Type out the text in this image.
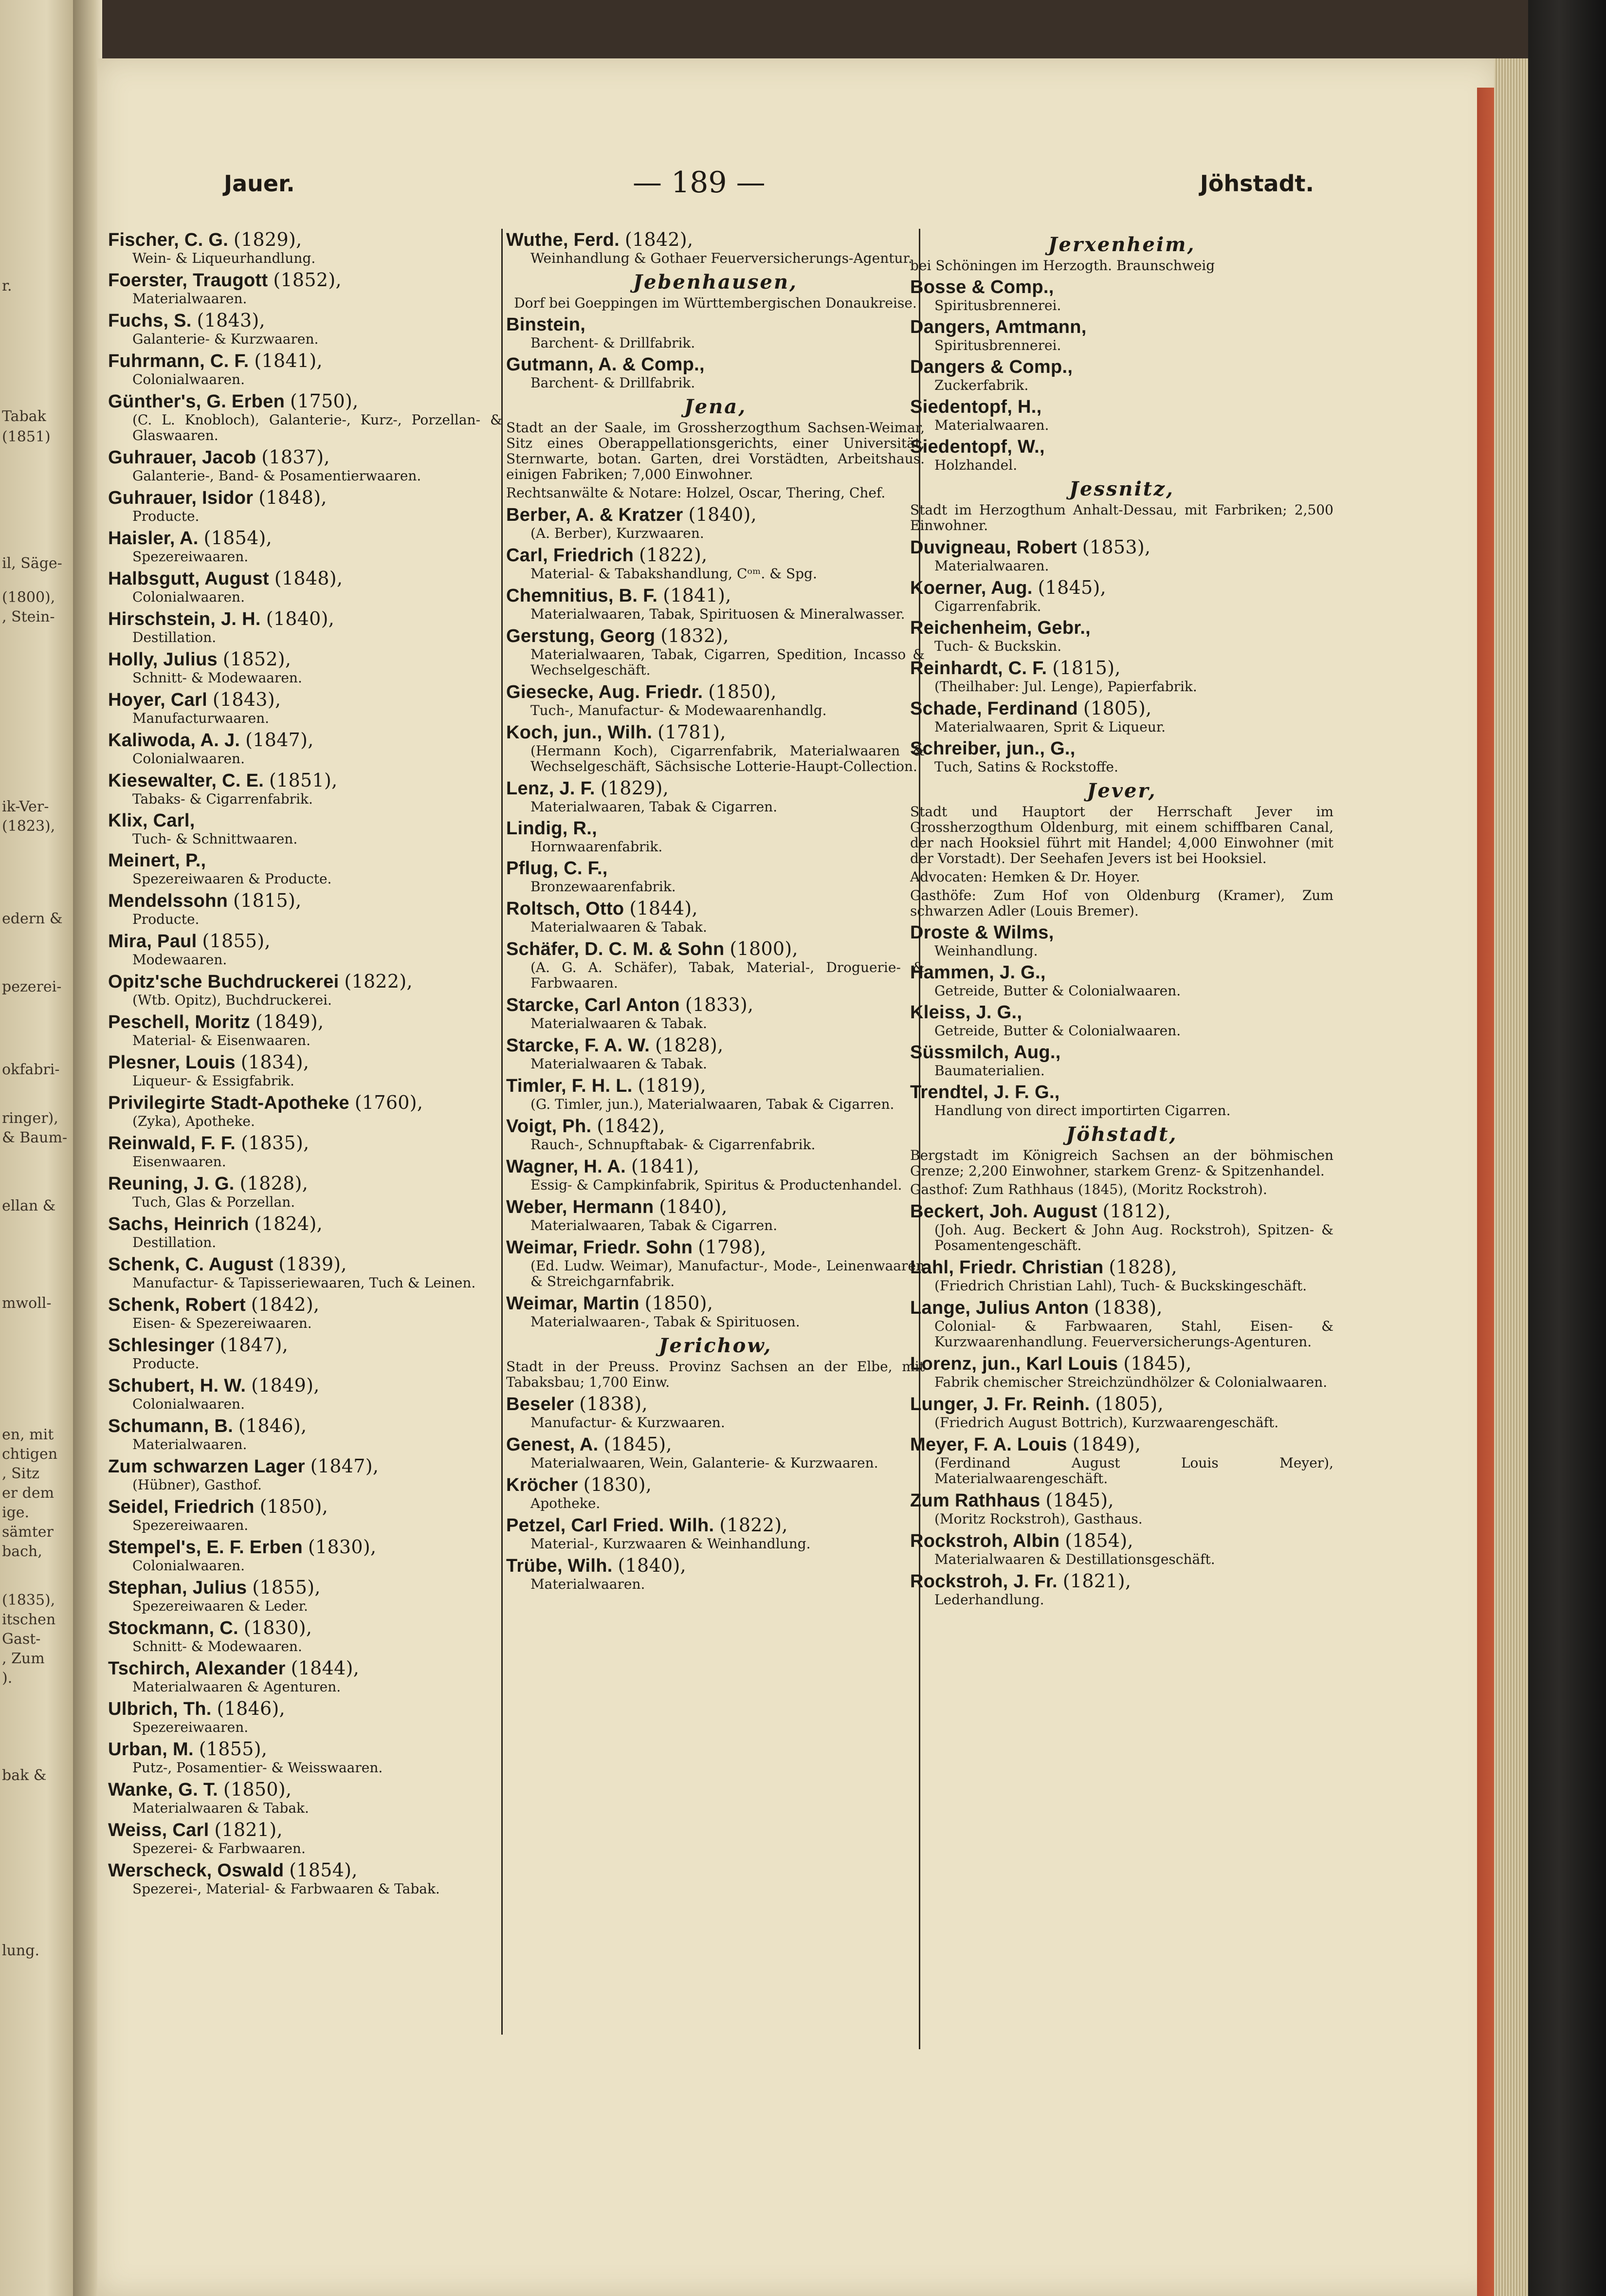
r.
Tabak
(1851)
il, Säge-
(1800),
, Stein-
ik-Ver-
(1823),
edern &
pezerei-
okfabri-
ringer),
& Baum-
ellan &
mwoll-
en, mit
chtigen
, Sitz
er dem
ige.
sämter
bach,
(1835),
itschen
Gast-
, Zum
).
bak &
lung.
Jauer.	— 189 —	Jöhstadt.
Fischer, C. G. (1829),
Wein- & Liqueurhandlung.
Foerster, Traugott (1852),
Materialwaaren.
Fuchs, S. (1843),
Galanterie- & Kurzwaaren.
Fuhrmann, C. F. (1841),
Colonialwaaren.
Günther's, G. Erben (1750),
(C. L. Knobloch), Galanterie-, Kurz-, Porzellan- & Glaswaaren.
Guhrauer, Jacob (1837),
Galanterie-, Band- & Posamentierwaaren.
Guhrauer, Isidor (1848),
Producte.
Haisler, A. (1854),
Spezereiwaaren.
Halbsgutt, August (1848),
Colonialwaaren.
Hirschstein, J. H. (1840),
Destillation.
Holly, Julius (1852),
Schnitt- & Modewaaren.
Hoyer, Carl (1843),
Manufacturwaaren.
Kaliwoda, A. J. (1847),
Colonialwaaren.
Kiesewalter, C. E. (1851),
Tabaks- & Cigarrenfabrik.
Klix, Carl,
Tuch- & Schnittwaaren.
Meinert, P.,
Spezereiwaaren & Producte.
Mendelssohn (1815),
Producte.
Mira, Paul (1855),
Modewaaren.
Opitz'sche Buchdruckerei (1822),
(Wtb. Opitz), Buchdruckerei.
Peschell, Moritz (1849),
Material- & Eisenwaaren.
Plesner, Louis (1834),
Liqueur- & Essigfabrik.
Privilegirte Stadt-Apotheke (1760),
(Zyka), Apotheke.
Reinwald, F. F. (1835),
Eisenwaaren.
Reuning, J. G. (1828),
Tuch, Glas & Porzellan.
Sachs, Heinrich (1824),
Destillation.
Schenk, C. August (1839),
Manufactur- & Tapisseriewaaren, Tuch & Leinen.
Schenk, Robert (1842),
Eisen- & Spezereiwaaren.
Schlesinger (1847),
Producte.
Schubert, H. W. (1849),
Colonialwaaren.
Schumann, B. (1846),
Materialwaaren.
Zum schwarzen Lager (1847),
(Hübner), Gasthof.
Seidel, Friedrich (1850),
Spezereiwaaren.
Stempel's, E. F. Erben (1830),
Colonialwaaren.
Stephan, Julius (1855),
Spezereiwaaren & Leder.
Stockmann, C. (1830),
Schnitt- & Modewaaren.
Tschirch, Alexander (1844),
Materialwaaren & Agenturen.
Ulbrich, Th. (1846),
Spezereiwaaren.
Urban, M. (1855),
Putz-, Posamentier- & Weisswaaren.
Wanke, G. T. (1850),
Materialwaaren & Tabak.
Weiss, Carl (1821),
Spezerei- & Farbwaaren.
Werscheck, Oswald (1854),
Spezerei-, Material- & Farbwaaren & Tabak.
Wuthe, Ferd. (1842),
Weinhandlung & Gothaer Feuerversicherungs-Agentur.
Jebenhausen,
Dorf bei Goeppingen im Württembergischen Donaukreise.
Binstein,
Barchent- & Drillfabrik.
Gutmann, A. & Comp.,
Barchent- & Drillfabrik.
Jena,
Stadt an der Saale, im Grossherzogthum Sachsen-Weimar, Sitz eines Oberappellationsgerichts, einer Universität, Sternwarte, botan. Garten, drei Vorstädten, Arbeitshaus. einigen Fabriken; 7,000 Einwohner.
Rechtsanwälte & Notare: Holzel, Oscar, Thering, Chef.
Berber, A. & Kratzer (1840),
(A. Berber), Kurzwaaren.
Carl, Friedrich (1822),
Material- & Tabakshandlung, Cᵒᵐ. & Spg.
Chemnitius, B. F. (1841),
Materialwaaren, Tabak, Spirituosen & Mineralwasser.
Gerstung, Georg (1832),
Materialwaaren, Tabak, Cigarren, Spedition, Incasso & Wechselgeschäft.
Giesecke, Aug. Friedr. (1850),
Tuch-, Manufactur- & Modewaarenhandlg.
Koch, jun., Wilh. (1781),
(Hermann Koch), Cigarrenfabrik, Materialwaaren & Wechselgeschäft, Sächsische Lotterie-Haupt-Collection.
Lenz, J. F. (1829),
Materialwaaren, Tabak & Cigarren.
Lindig, R.,
Hornwaarenfabrik.
Pflug, C. F.,
Bronzewaarenfabrik.
Roltsch, Otto (1844),
Materialwaaren & Tabak.
Schäfer, D. C. M. & Sohn (1800),
(A. G. A. Schäfer), Tabak, Material-, Droguerie- & Farbwaaren.
Starcke, Carl Anton (1833),
Materialwaaren & Tabak.
Starcke, F. A. W. (1828),
Materialwaaren & Tabak.
Timler, F. H. L. (1819),
(G. Timler, jun.), Materialwaaren, Tabak & Cigarren.
Voigt, Ph. (1842),
Rauch-, Schnupftabak- & Cigarrenfabrik.
Wagner, H. A. (1841),
Essig- & Campkinfabrik, Spiritus & Productenhandel.
Weber, Hermann (1840),
Materialwaaren, Tabak & Cigarren.
Weimar, Friedr. Sohn (1798),
(Ed. Ludw. Weimar), Manufactur-, Mode-, Leinenwaaren & Streichgarnfabrik.
Weimar, Martin (1850),
Materialwaaren-, Tabak & Spirituosen.
Jerichow,
Stadt in der Preuss. Provinz Sachsen an der Elbe, mit Tabaksbau; 1,700 Einw.
Beseler (1838),
Manufactur- & Kurzwaaren.
Genest, A. (1845),
Materialwaaren, Wein, Galanterie- & Kurzwaaren.
Kröcher (1830),
Apotheke.
Petzel, Carl Fried. Wilh. (1822),
Material-, Kurzwaaren & Weinhandlung.
Trübe, Wilh. (1840),
Materialwaaren.
Jerxenheim,
bei Schöningen im Herzogth. Braunschweig
Bosse & Comp.,
Spiritusbrennerei.
Dangers, Amtmann,
Spiritusbrennerei.
Dangers & Comp.,
Zuckerfabrik.
Siedentopf, H.,
Materialwaaren.
Siedentopf, W.,
Holzhandel.
Jessnitz,
Stadt im Herzogthum Anhalt-Dessau, mit Farbriken; 2,500 Einwohner.
Duvigneau, Robert (1853),
Materialwaaren.
Koerner, Aug. (1845),
Cigarrenfabrik.
Reichenheim, Gebr.,
Tuch- & Buckskin.
Reinhardt, C. F. (1815),
(Theilhaber: Jul. Lenge), Papierfabrik.
Schade, Ferdinand (1805),
Materialwaaren, Sprit & Liqueur.
Schreiber, jun., G.,
Tuch, Satins & Rockstoffe.
Jever,
Stadt und Hauptort der Herrschaft Jever im Grossherzogthum Oldenburg, mit einem schiffbaren Canal, der nach Hooksiel führt mit Handel; 4,000 Einwohner (mit der Vorstadt). Der Seehafen Jevers ist bei Hooksiel.
Advocaten: Hemken & Dr. Hoyer.
Gasthöfe: Zum Hof von Oldenburg (Kramer), Zum schwarzen Adler (Louis Bremer).
Droste & Wilms,
Weinhandlung.
Hammen, J. G.,
Getreide, Butter & Colonialwaaren.
Kleiss, J. G.,
Getreide, Butter & Colonialwaaren.
Süssmilch, Aug.,
Baumaterialien.
Trendtel, J. F. G.,
Handlung von direct importirten Cigarren.
Jöhstadt,
Bergstadt im Königreich Sachsen an der böhmischen Grenze; 2,200 Einwohner, starkem Grenz- & Spitzenhandel.
Gasthof: Zum Rathhaus (1845), (Moritz Rockstroh).
Beckert, Joh. August (1812),
(Joh. Aug. Beckert & John Aug. Rockstroh), Spitzen- & Posamentengeschäft.
Lahl, Friedr. Christian (1828),
(Friedrich Christian Lahl), Tuch- & Buckskingeschäft.
Lange, Julius Anton (1838),
Colonial- & Farbwaaren, Stahl, Eisen- & Kurzwaarenhandlung. Feuerversicherungs-Agenturen.
Lorenz, jun., Karl Louis (1845),
Fabrik chemischer Streichzündhölzer & Colonialwaaren.
Lunger, J. Fr. Reinh. (1805),
(Friedrich August Bottrich), Kurzwaarengeschäft.
Meyer, F. A. Louis (1849),
(Ferdinand August Louis Meyer), Materialwaarengeschäft.
Zum Rathhaus (1845),
(Moritz Rockstroh), Gasthaus.
Rockstroh, Albin (1854),
Materialwaaren & Destillationsgeschäft.
Rockstroh, J. Fr. (1821),
Lederhandlung.
